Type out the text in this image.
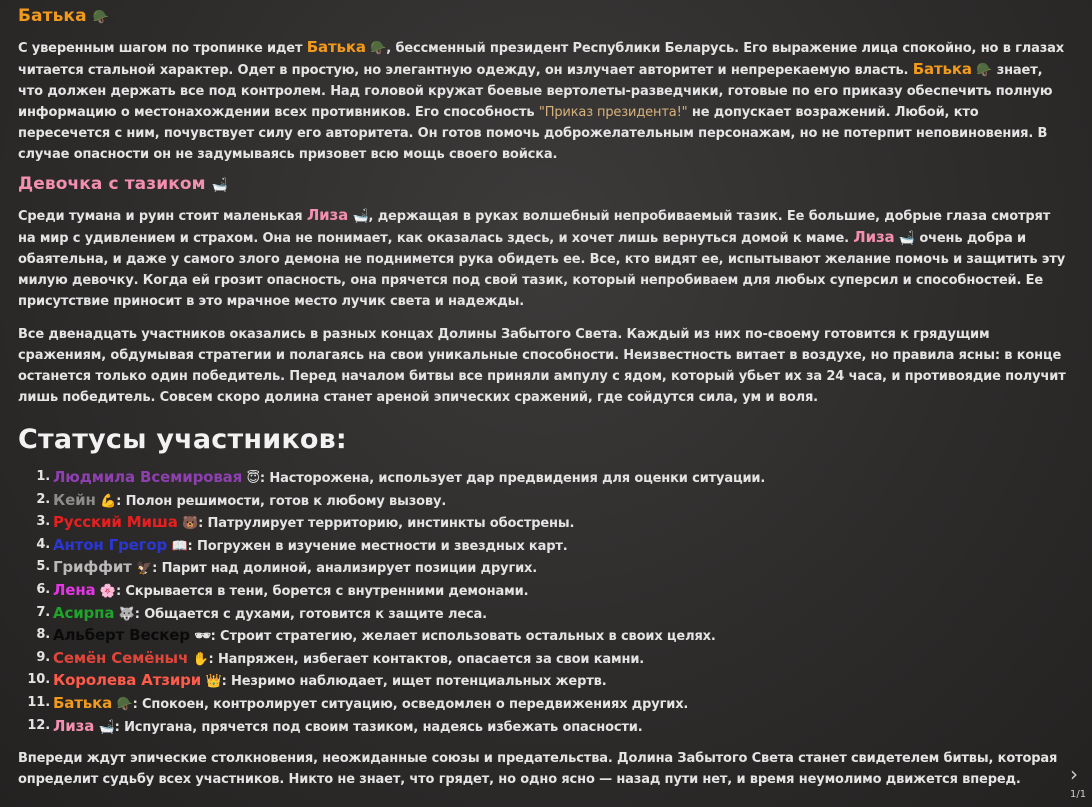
Батька 🪖

С уверенным шагом по тропинке идет Батька 🪖, бессменный президент Республики Беларусь. Его выражение лица спокойно, но в глазах читается стальной характер. Одет в простую, но элегантную одежду, он излучает авторитет и непререкаемую власть. Батька 🪖 знает, что должен держать все под контролем. Над головой кружат боевые вертолеты-разведчики, готовые по его приказу обеспечить полную информацию о местонахождении всех противников. Его способность "Приказ президента!" не допускает возражений. Любой, кто пересечется с ним, почувствует силу его авторитета. Он готов помочь доброжелательным персонажам, но не потерпит неповиновения. В случае опасности он не задумываясь призовет всю мощь своего войска.

Девочка с тазиком 🛁

Среди тумана и руин стоит маленькая Лиза 🛁, держащая в руках волшебный непробиваемый тазик. Ее большие, добрые глаза смотрят на мир с удивлением и страхом. Она не понимает, как оказалась здесь, и хочет лишь вернуться домой к маме. Лиза 🛁 очень добра и обаятельна, и даже у самого злого демона не поднимется рука обидеть ее. Все, кто видят ее, испытывают желание помочь и защитить эту милую девочку. Когда ей грозит опасность, она прячется под свой тазик, который непробиваем для любых суперсил и способностей. Ее присутствие приносит в это мрачное место лучик света и надежды.

Все двенадцать участников оказались в разных концах Долины Забытого Света. Каждый из них по-своему готовится к грядущим сражениям, обдумывая стратегии и полагаясь на свои уникальные способности. Неизвестность витает в воздухе, но правила ясны: в конце останется только один победитель. Перед началом битвы все приняли ампулу с ядом, который убьет их за 24 часа, и противоядие получит лишь победитель. Совсем скоро долина станет ареной эпических сражений, где сойдутся сила, ум и воля.

Статусы участников:
1. Людмила Всемировая 😇: Настороженa, использует дар предвидения для оценки ситуации.
2. Кейн 💪: Полон решимости, готов к любому вызову.
3. Русский Миша 🐻: Патрулирует территорию, инстинкты обострены.
4. Антон Грегор 📖: Погружен в изучение местности и звездных карт.
5. Гриффит 🦅: Парит над долиной, анализирует позиции других.
6. Лена 🌸: Скрывается в тени, борется с внутренними демонами.
7. Асирпа 🐺: Общается с духами, готовится к защите леса.
8. Альберт Вескер 🕶: Строит стратегию, желает использовать остальных в своих целях.
9. Семён Семёныч ✋: Напряжен, избегает контактов, опасается за свои камни.
10. Королева Атзири 👑: Незримо наблюдает, ищет потенциальных жертв.
11. Батька 🪖: Спокоен, контролирует ситуацию, осведомлен о передвижениях других.
12. Лиза 🛁: Испугана, прячется под своим тазиком, надеясь избежать опасности.

Впереди ждут эпические столкновения, неожиданные союзы и предательства. Долина Забытого Света станет свидетелем битвы, которая определит судьбу всех участников. Никто не знает, что грядет, но одно ясно — назад пути нет, и время неумолимо движется вперед.	›
1/1
